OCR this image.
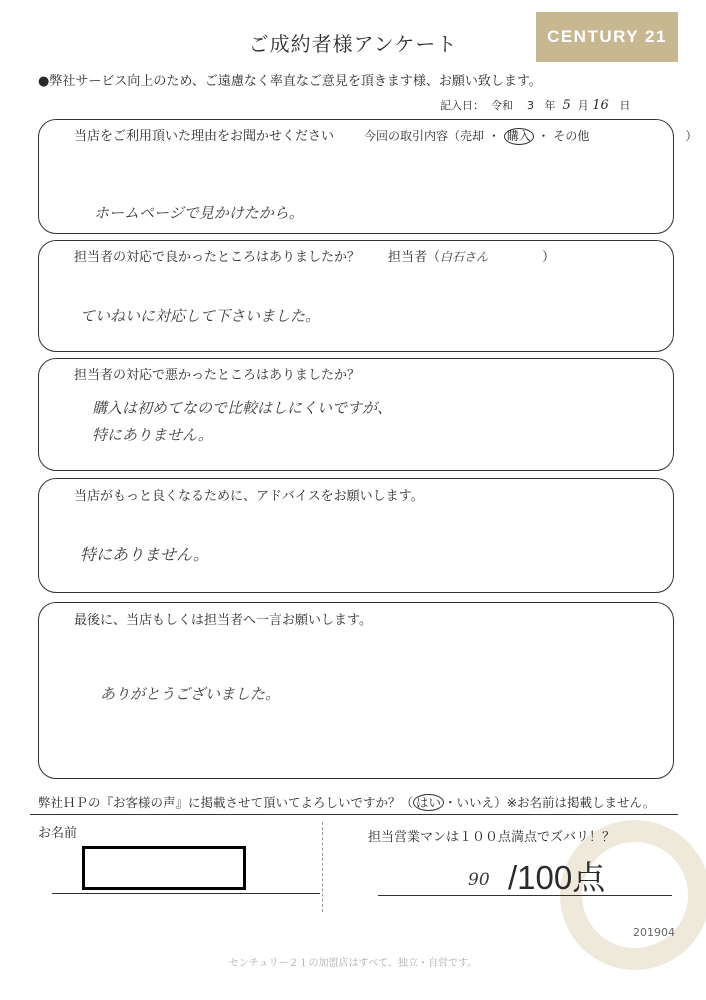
ご成約者様アンケート	CENTURY 21
●弊社サービス向上のため、ご遠慮なく率直なご意見を頂きます様、お願い致します。
記入日： 令和 3 年 5 月 16 日
当店をご利用頂いた理由をお聞かせください 今回の取引内容（売却 ・ 購入 ・ その他	）
ホームページで見かけたから。
担当者の対応で良かったところはありましたか？ 担当者（白石さん	）
ていねいに対応して下さいました。
担当者の対応で悪かったところはありましたか？
購入は初めてなので比較はしにくいですが、
特にありません。
当店がもっと良くなるために、アドバイスをお願いします。
特にありません。
最後に、当店もしくは担当者へ一言お願いします。
ありがとうございました。
弊社ＨＰの『お客様の声』に掲載させて頂いてよろしいですか？（ はい ・いいえ）※お名前は掲載しません。
お名前	担当営業マンは１００点満点でズバリ！？
90 /100点
201904
センチュリー２１の加盟店はすべて、独立・自営です。
